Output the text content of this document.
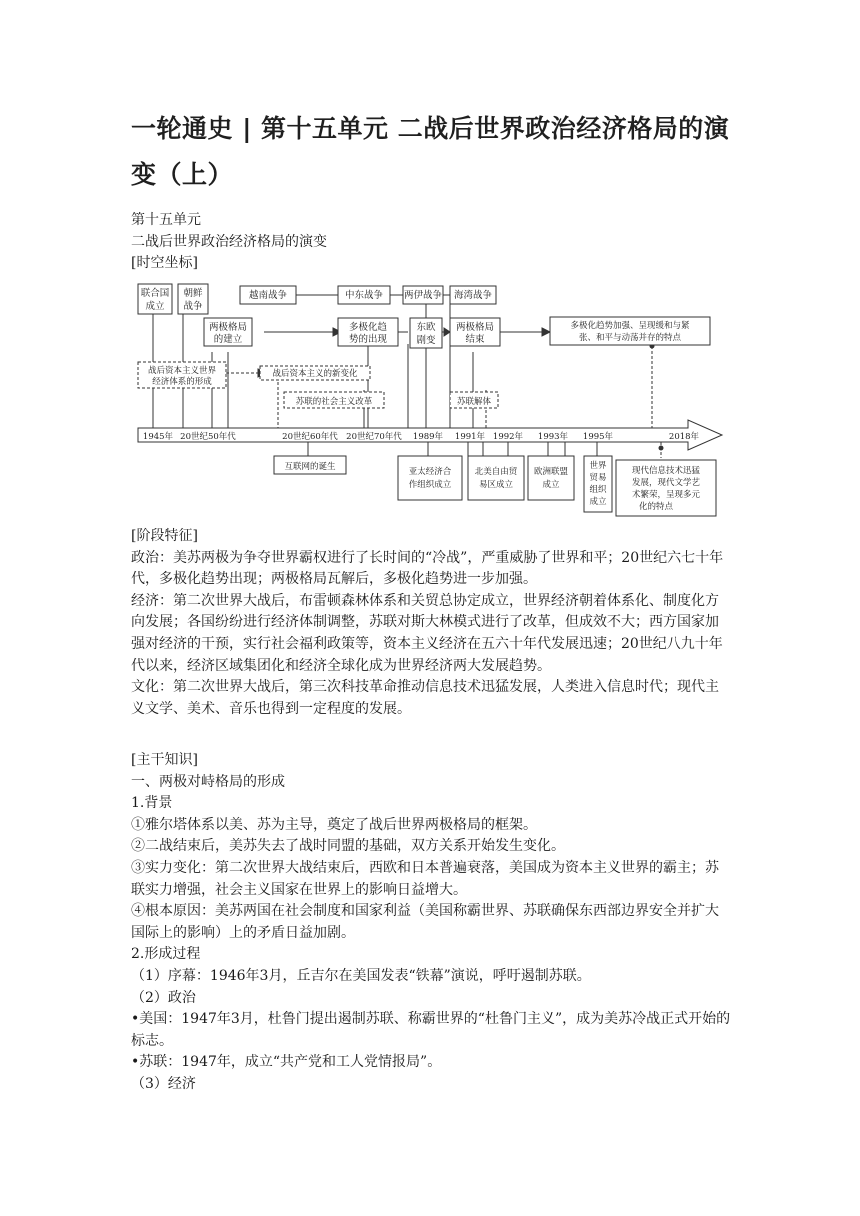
一轮通史 | 第十五单元 二战后世界政治经济格局的演
变（上）
第十五单元
二战后世界政治经济格局的演变
[时空坐标]
联合国
成立
朝鲜
战争
两极格局
的建立
越南战争	中东战争 两伊战争 海湾战争
多极化趋
势的出现
东欧
剧变
两极格局
结束
多极化趋势加强、呈现缓和与紧
张、和平与动荡并存的特点
战后资本主义世界
经济体系的形成
战后资本主义的新变化
苏联的社会主义改革	苏联解体
互联网的诞生	亚太经济合
作组织成立
北美自由贸
易区成立
欧洲联盟
成立
世界
贸易
组织
成立
现代信息技术迅猛
发展，现代文学艺
术繁荣，呈现多元
化的特点
1945年 20世纪50年代	20世纪60年代 20世纪70年代 1989年 1991年 1992年 1993年 1995年	2018年
[阶段特征]
政治：美苏两极为争夺世界霸权进行了长时间的“冷战”，严重威胁了世界和平；20世纪六七十年代，多极化趋势出现；两极格局瓦解后，多极化趋势进一步加强。
经济：第二次世界大战后，布雷顿森林体系和关贸总协定成立，世界经济朝着体系化、制度化方向发展；各国纷纷进行经济体制调整，苏联对斯大林模式进行了改革，但成效不大；西方国家加强对经济的干预，实行社会福利政策等，资本主义经济在五六十年代发展迅速；20世纪八九十年代以来，经济区域集团化和经济全球化成为世界经济两大发展趋势。
文化：第二次世界大战后，第三次科技革命推动信息技术迅猛发展，人类进入信息时代；现代主义文学、美术、音乐也得到一定程度的发展。
[主干知识]
一、两极对峙格局的形成
1.背景
①雅尔塔体系以美、苏为主导，奠定了战后世界两极格局的框架。
②二战结束后，美苏失去了战时同盟的基础，双方关系开始发生变化。
③实力变化：第二次世界大战结束后，西欧和日本普遍衰落，美国成为资本主义世界的霸主；苏联实力增强，社会主义国家在世界上的影响日益增大。
④根本原因：美苏两国在社会制度和国家利益（美国称霸世界、苏联确保东西部边界安全并扩大国际上的影响）上的矛盾日益加剧。
2.形成过程
（1）序幕：1946年3月，丘吉尔在美国发表“铁幕”演说，呼吁遏制苏联。
（2）政治
•美国：1947年3月，杜鲁门提出遏制苏联、称霸世界的“杜鲁门主义”，成为美苏冷战正式开始的标志。
•苏联：1947年，成立“共产党和工人党情报局”。
（3）经济
